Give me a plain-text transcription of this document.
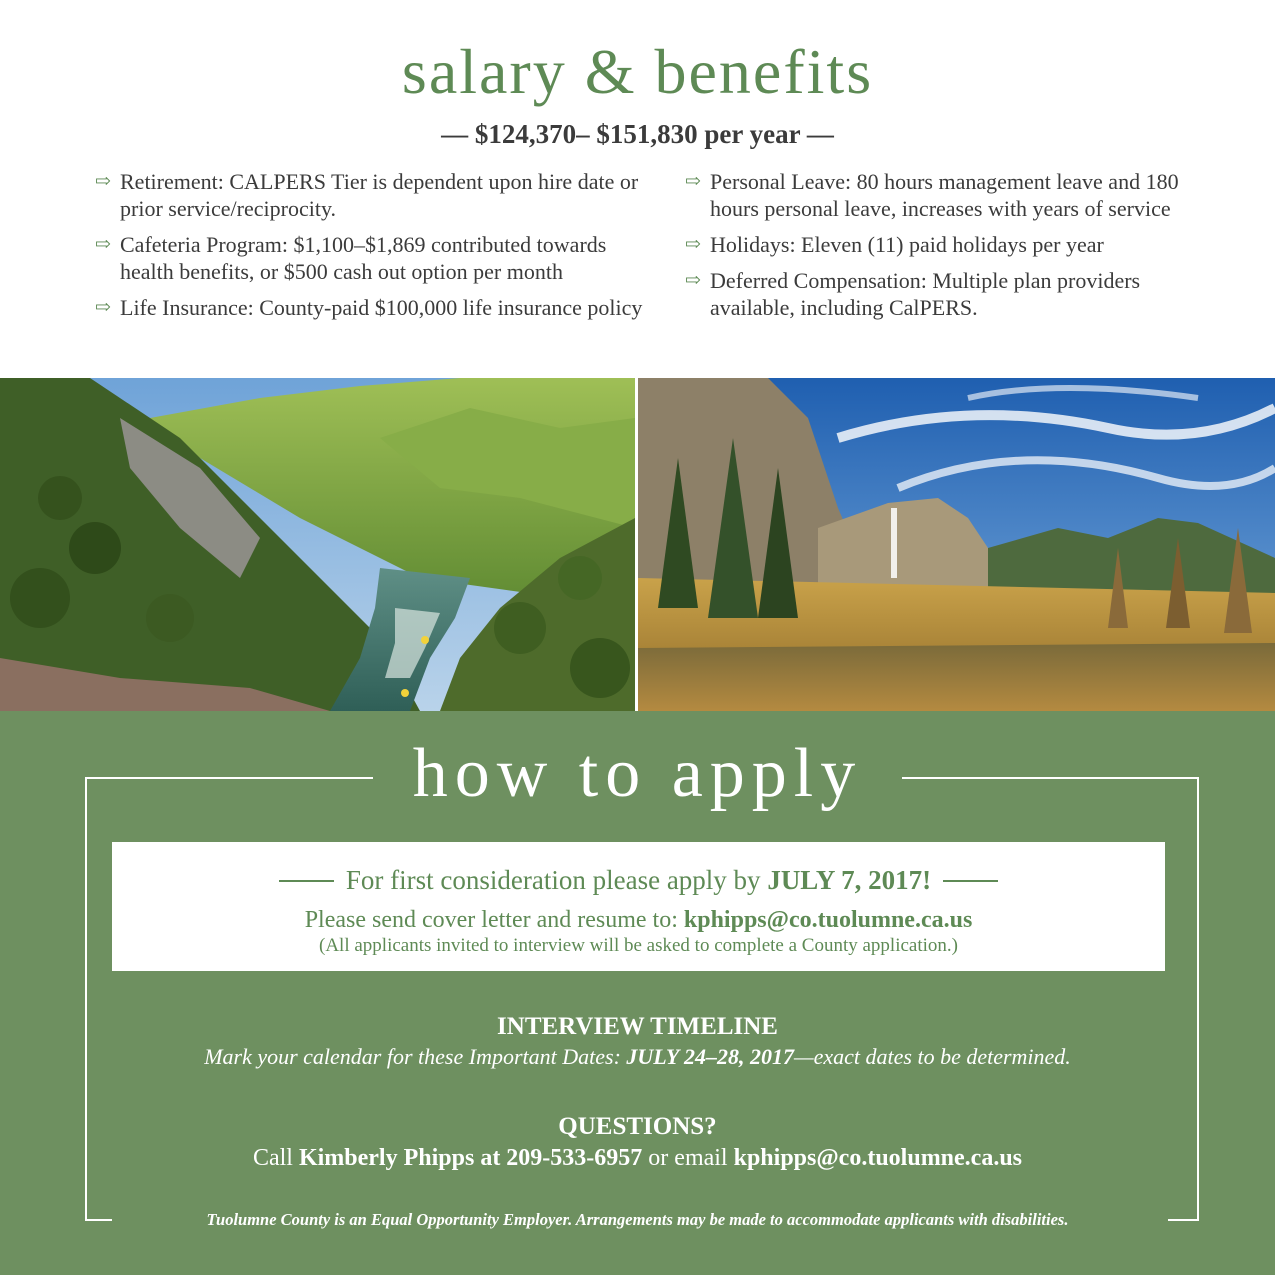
salary & benefits
— $124,370– $151,830 per year —
⇨ Retirement: CALPERS Tier is dependent upon hire date or prior service/reciprocity.
⇨ Cafeteria Program: $1,100–$1,869 contributed towards health benefits, or $500 cash out option per month
⇨ Life Insurance: County-paid $100,000 life insurance policy
⇨ Personal Leave: 80 hours management leave and 180 hours personal leave, increases with years of service
⇨ Holidays: Eleven (11) paid holidays per year
⇨ Deferred Compensation: Multiple plan providers available, including CalPERS.
how to apply
For first consideration please apply by JULY 7, 2017!
Please send cover letter and resume to: kphipps@co.tuolumne.ca.us
(All applicants invited to interview will be asked to complete a County application.)
INTERVIEW TIMELINE
Mark your calendar for these Important Dates: JULY 24–28, 2017—exact dates to be determined.
QUESTIONS?
Call Kimberly Phipps at 209-533-6957 or email kphipps@co.tuolumne.ca.us
Tuolumne County is an Equal Opportunity Employer. Arrangements may be made to accommodate applicants with disabilities.
